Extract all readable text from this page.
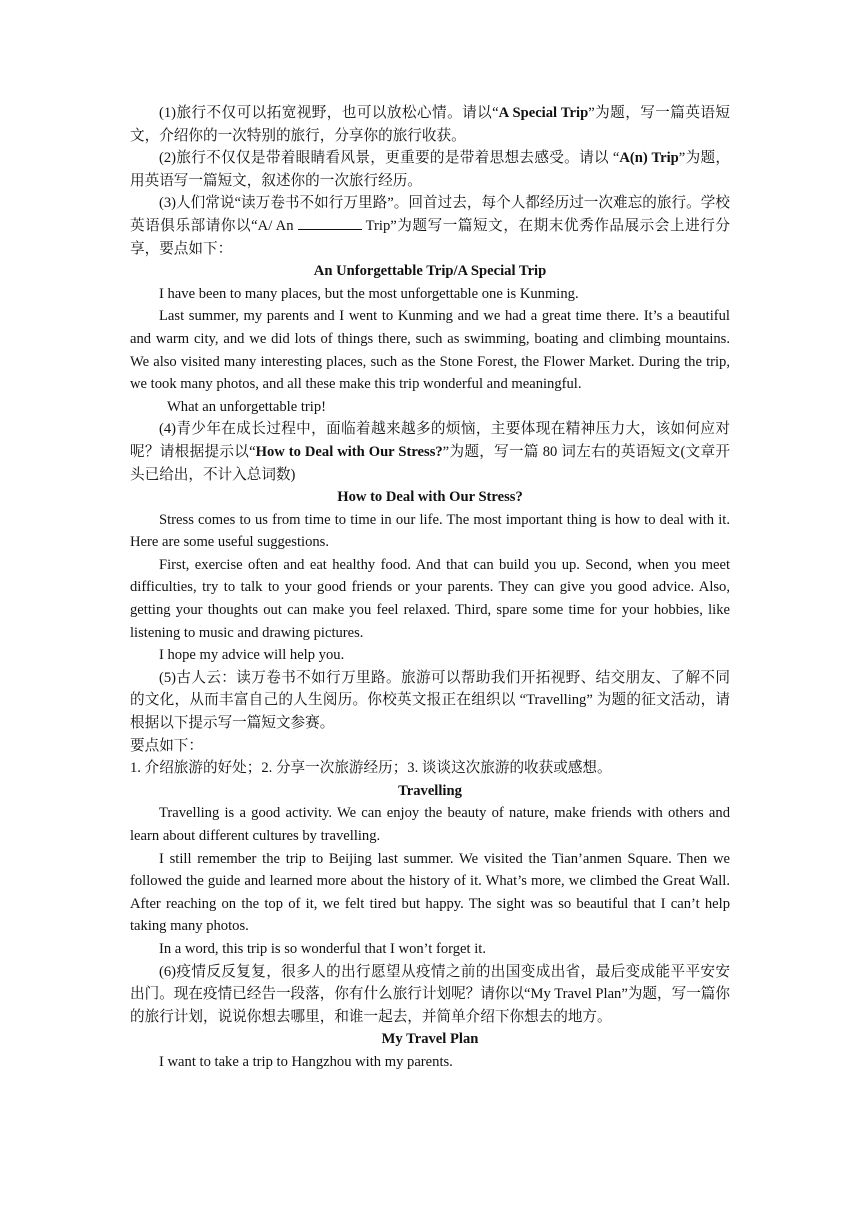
(1)旅行不仅可以拓宽视野，也可以放松心情。请以“A Special Trip”为题，写一篇英语短文，介绍你的一次特别的旅行，分享你的旅行收获。

(2)旅行不仅仅是带着眼睛看风景，更重要的是带着思想去感受。请以 “A(n) Trip”为题，用英语写一篇短文，叙述你的一次旅行经历。

(3)人们常说“读万卷书不如行万里路”。回首过去，每个人都经历过一次难忘的旅行。学校英语俱乐部请你以“A/ An	Trip”为题写一篇短文，在期末优秀作品展示会上进行分享，要点如下：

An Unforgettable Trip/A Special Trip

I have been to many places, but the most unforgettable one is Kunming.

Last summer, my parents and I went to Kunming and we had a great time there. It’s a beautiful and warm city, and we did lots of things there, such as swimming, boating and climbing mountains. We also visited many interesting places, such as the Stone Forest, the Flower Market. During the trip, we took many photos, and all these make this trip wonderful and meaningful.

What an unforgettable trip!

(4)青少年在成长过程中，面临着越来越多的烦恼，主要体现在精神压力大，该如何应对呢？请根据提示以“How to Deal with Our Stress?”为题，写一篇 80 词左右的英语短文(文章开头已给出，不计入总词数)

How to Deal with Our Stress?

Stress comes to us from time to time in our life. The most important thing is how to deal with it. Here are some useful suggestions.

First, exercise often and eat healthy food. And that can build you up. Second, when you meet difficulties, try to talk to your good friends or your parents. They can give you good advice. Also, getting your thoughts out can make you feel relaxed. Third, spare some time for your hobbies, like listening to music and drawing pictures.

I hope my advice will help you.

(5)古人云：读万卷书不如行万里路。旅游可以帮助我们开拓视野、结交朋友、了解不同的文化，从而丰富自己的人生阅历。你校英文报正在组织以 “Travelling” 为题的征文活动，请根据以下提示写一篇短文参赛。

要点如下：

1. 介绍旅游的好处；2. 分享一次旅游经历；3. 谈谈这次旅游的收获或感想。

Travelling

Travelling is a good activity. We can enjoy the beauty of nature, make friends with others and learn about different cultures by travelling.

I still remember the trip to Beijing last summer. We visited the Tian’anmen Square. Then we followed the guide and learned more about the history of it. What’s more, we climbed the Great Wall. After reaching on the top of it, we felt tired but happy. The sight was so beautiful that I can’t help taking many photos.

In a word, this trip is so wonderful that I won’t forget it.

(6)疫情反反复复，很多人的出行愿望从疫情之前的出国变成出省，最后变成能平平安安出门。现在疫情已经告一段落，你有什么旅行计划呢？请你以“My Travel Plan”为题，写一篇你的旅行计划，说说你想去哪里，和谁一起去，并简单介绍下你想去的地方。

My Travel Plan

I want to take a trip to Hangzhou with my parents.
